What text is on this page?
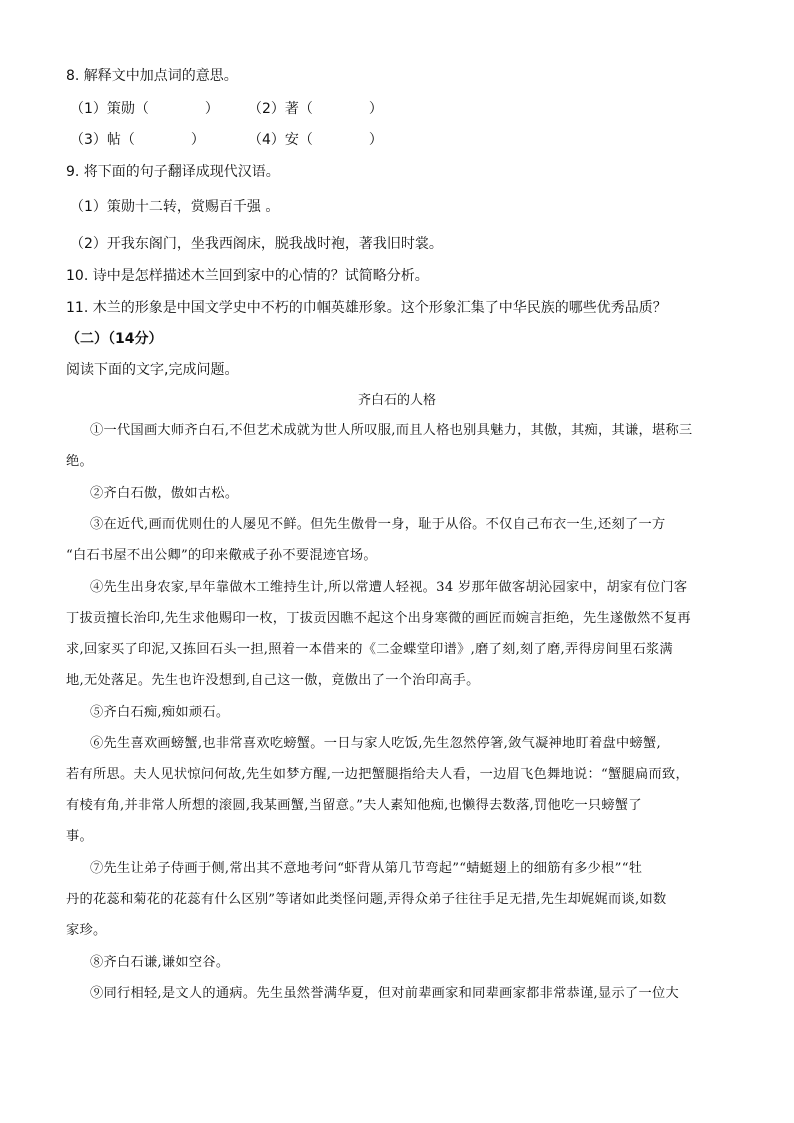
8. 解释文中加点词的意思。
（1）策勋（　　　　） （2）著（　　　　）
（3）帖（　　　　）	（4）安（　　　　）
9. 将下面的句子翻译成现代汉语。
（1）策勋十二转，赏赐百千强 。
（2）开我东阁门，坐我西阁床，脱我战时袍，著我旧时裳。
10. 诗中是怎样描述木兰回到家中的心情的？试简略分析。
11. 木兰的形象是中国文学史中不朽的巾帼英雄形象。这个形象汇集了中华民族的哪些优秀品质？
（二）（14分）
阅读下面的文字,完成问题。
齐白石的人格
①一代国画大师齐白石,不但艺术成就为世人所叹服,而且人格也别具魅力，其傲，其痴，其谦，堪称三
绝。
②齐白石傲，傲如古松。
③在近代,画而优则仕的人屡见不鲜。但先生傲骨一身，耻于从俗。不仅自己布衣一生,还刻了一方
“白石书屋不出公卿”的印来儆戒子孙不要混迹官场。
④先生出身农家,早年靠做木工维持生计,所以常遭人轻视。34 岁那年做客胡沁园家中，胡家有位门客
丁拔贡擅长治印,先生求他赐印一枚，丁拔贡因瞧不起这个出身寒微的画匠而婉言拒绝，先生遂傲然不复再
求,回家买了印泥,又拣回石头一担,照着一本借来的《二金蝶堂印谱》,磨了刻,刻了磨,弄得房间里石浆满
地,无处落足。先生也许没想到,自己这一傲，竟傲出了一个治印高手。
⑤齐白石痴,痴如顽石。
⑥先生喜欢画螃蟹,也非常喜欢吃螃蟹。一日与家人吃饭,先生忽然停箸,敛气凝神地盯着盘中螃蟹,
若有所思。夫人见状惊问何故,先生如梦方醒,一边把蟹腿指给夫人看，一边眉飞色舞地说：“蟹腿扁而致，
有棱有角,并非常人所想的滚圆,我某画蟹,当留意。”夫人素知他痴,也懒得去数落,罚他吃一只螃蟹了
事。
⑦先生让弟子侍画于侧,常出其不意地考问“虾背从第几节弯起”“蜻蜓翅上的细筋有多少根”“牡
丹的花蕊和菊花的花蕊有什么区别”等诸如此类怪问题,弄得众弟子往往手足无措,先生却娓娓而谈,如数
家珍。
⑧齐白石谦,谦如空谷。
⑨同行相轻,是文人的通病。先生虽然誉满华夏，但对前辈画家和同辈画家都非常恭谨,显示了一位大
